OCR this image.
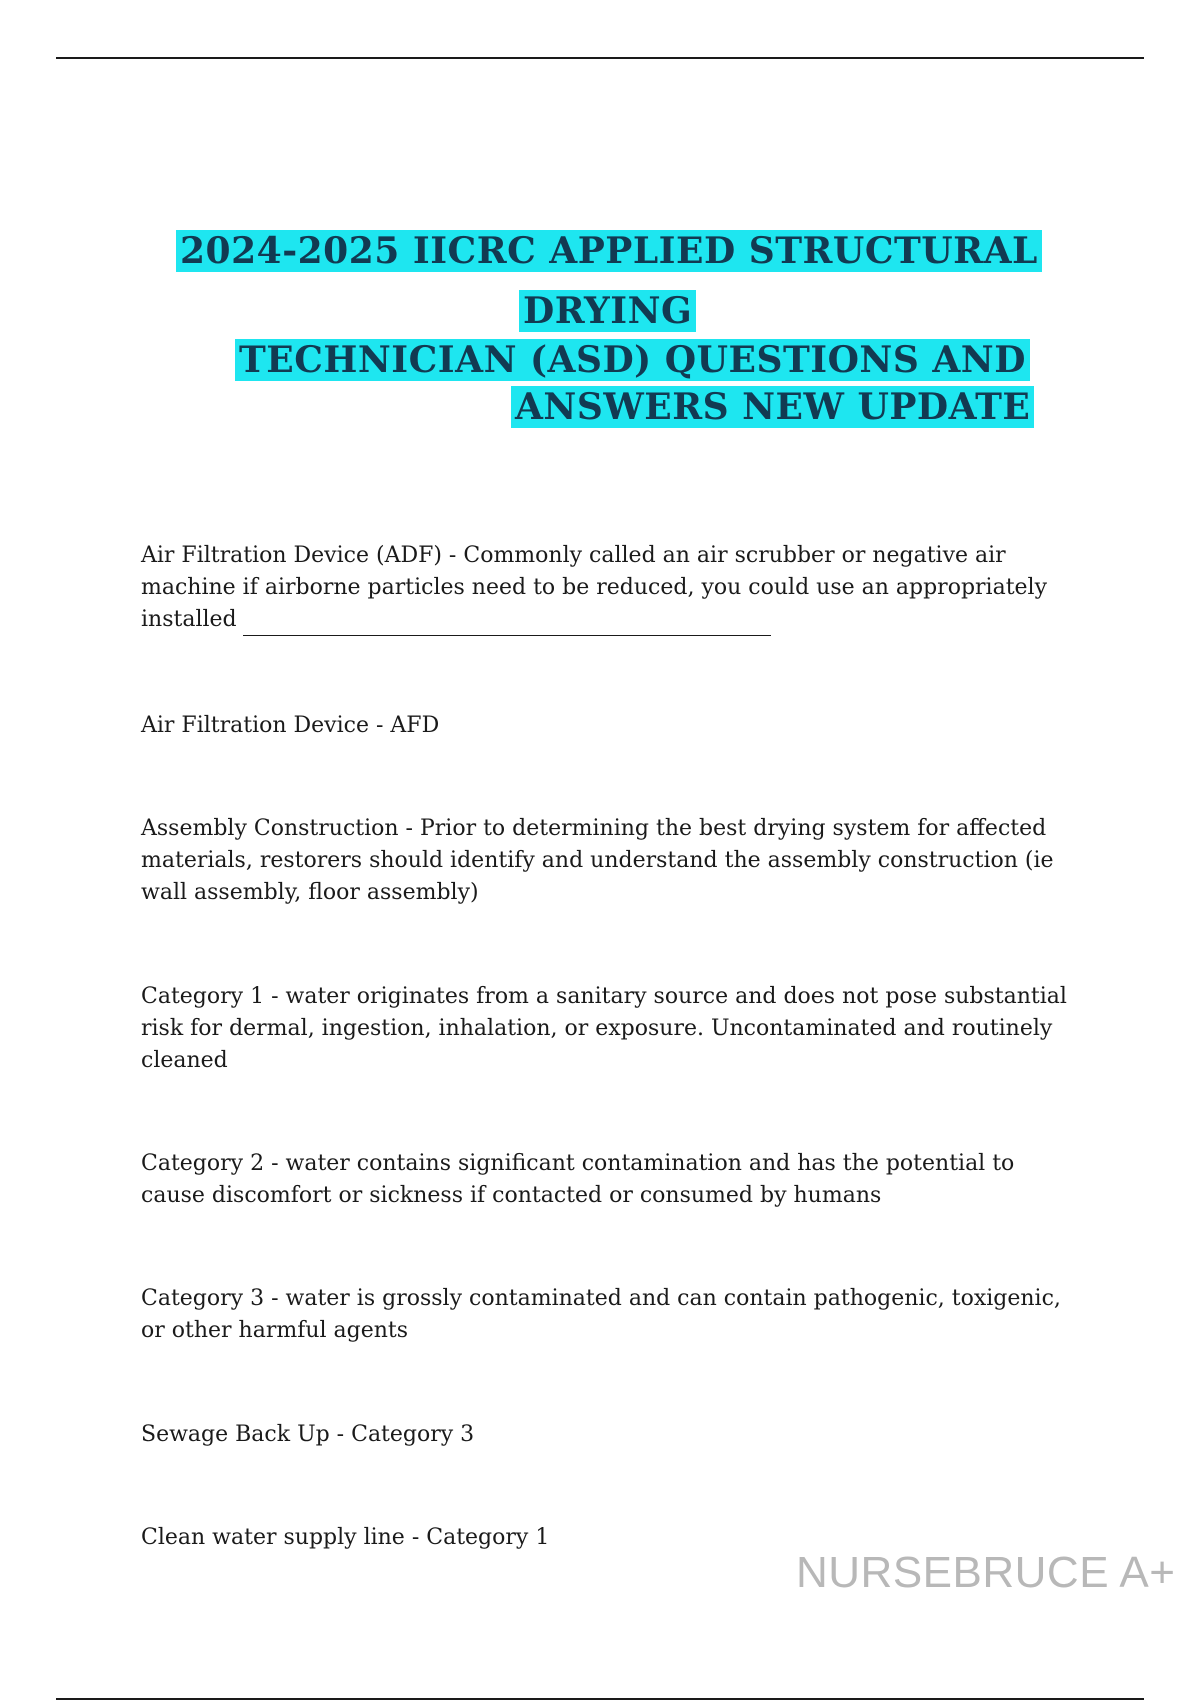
2024-2025 IICRC APPLIED STRUCTURAL
DRYING
TECHNICIAN (ASD) QUESTIONS AND
ANSWERS NEW UPDATE
Air Filtration Device (ADF) - Commonly called an air scrubber or negative air machine if airborne particles need to be reduced, you could use an appropriately installed
Air Filtration Device - AFD
Assembly Construction - Prior to determining the best drying system for affected materials, restorers should identify and understand the assembly construction (ie wall assembly, floor assembly)
Category 1 - water originates from a sanitary source and does not pose substantial risk for dermal, ingestion, inhalation, or exposure. Uncontaminated and routinely cleaned
Category 2 - water contains significant contamination and has the potential to cause discomfort or sickness if contacted or consumed by humans
Category 3 - water is grossly contaminated and can contain pathogenic, toxigenic, or other harmful agents
Sewage Back Up - Category 3
Clean water supply line - Category 1
NURSEBRUCE A+
